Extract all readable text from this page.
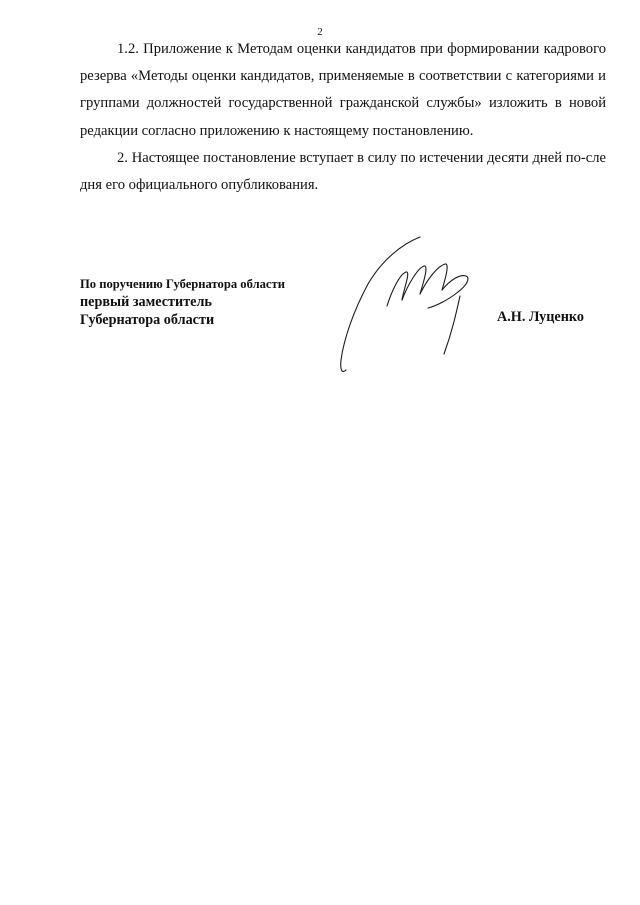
2

1.2. Приложение к Методам оценки кандидатов при формировании кадрового резерва «Методы оценки кандидатов, применяемые в соответствии с категориями и группами должностей государственной гражданской службы» изложить в новой редакции согласно приложению к настоящему постановлению.

2. Настоящее постановление вступает в силу по истечении десяти дней по-сле дня его официального опубликования.

По поручению Губернатора области
первый заместитель
Губернатора области	А.Н. Луценко
